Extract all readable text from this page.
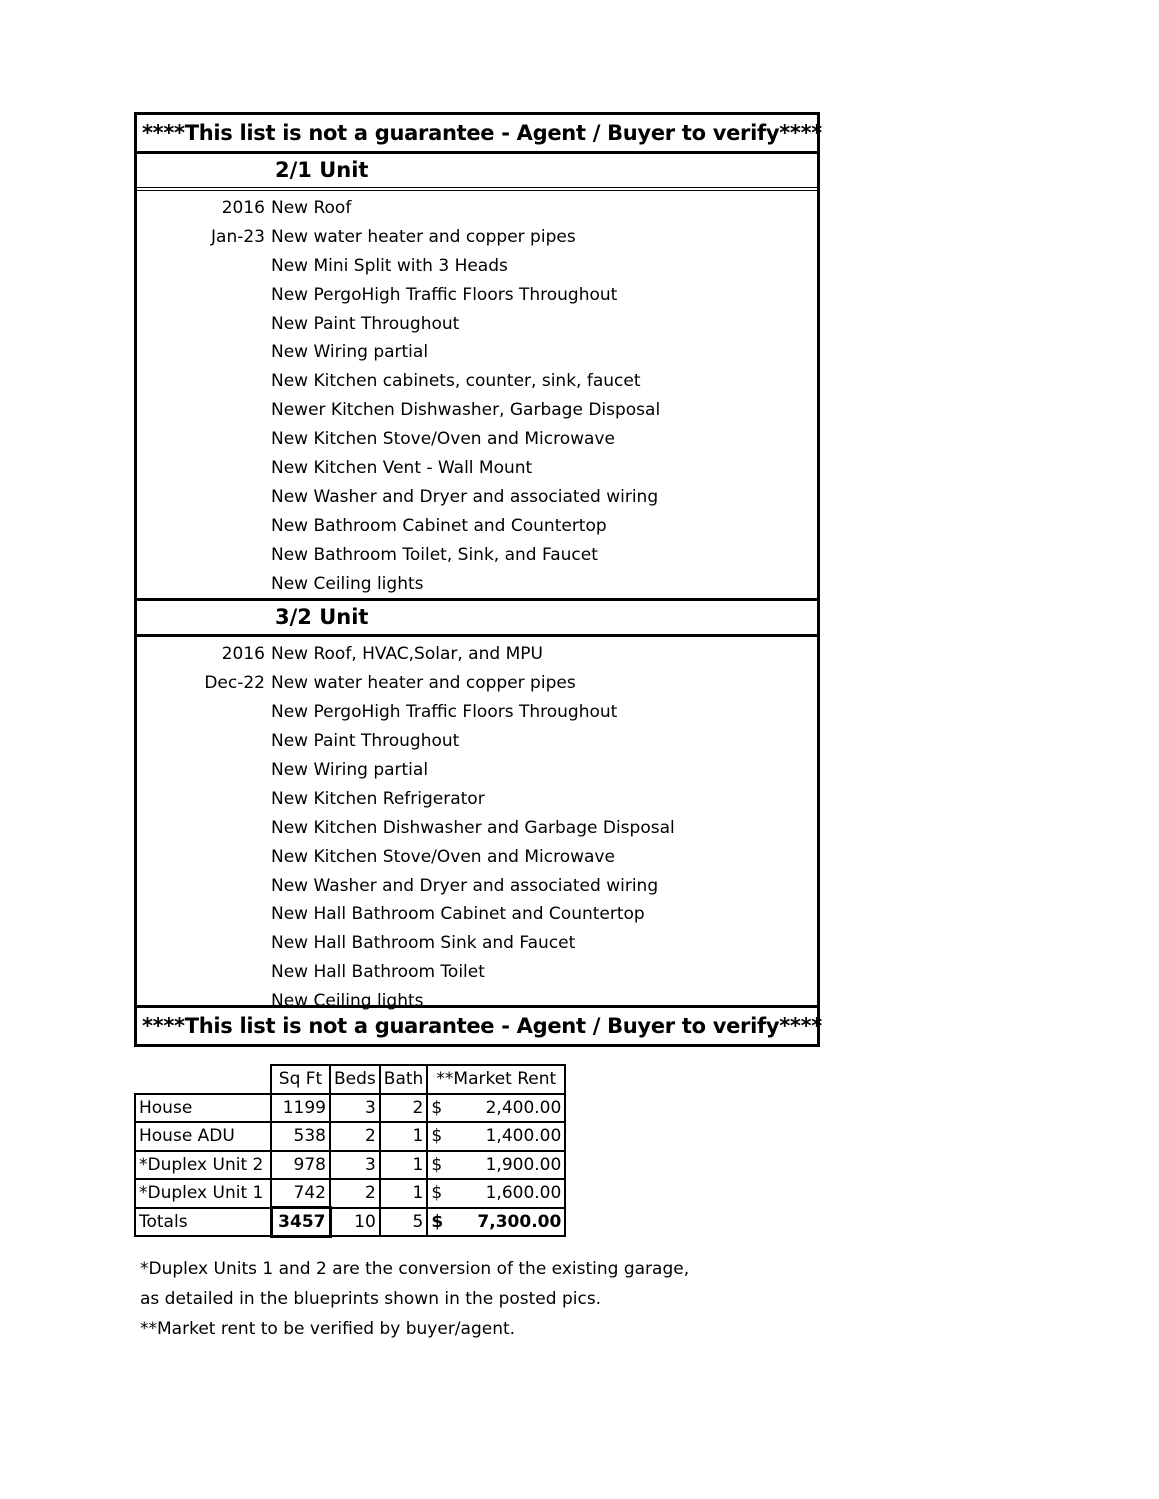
****This list is not a guarantee - Agent / Buyer to verify****
2/1 Unit
2016 New Roof
Jan-23 New water heater and copper pipes
New Mini Split with 3 Heads
New PergoHigh Traffic Floors Throughout
New Paint Throughout
New Wiring partial
New Kitchen cabinets, counter, sink, faucet
Newer Kitchen Dishwasher, Garbage Disposal
New Kitchen Stove/Oven and Microwave
New Kitchen Vent - Wall Mount
New Washer and Dryer and associated wiring
New Bathroom Cabinet and Countertop
New Bathroom Toilet, Sink, and Faucet
New Ceiling lights
3/2 Unit
2016 New Roof, HVAC,Solar, and MPU
Dec-22 New water heater and copper pipes
New PergoHigh Traffic Floors Throughout
New Paint Throughout
New Wiring partial
New Kitchen Refrigerator
New Kitchen Dishwasher and Garbage Disposal
New Kitchen Stove/Oven and Microwave
New Washer and Dryer and associated wiring
New Hall Bathroom Cabinet and Countertop
New Hall Bathroom Sink and Faucet
New Hall Bathroom Toilet
New Ceiling lights
****This list is not a guarantee - Agent / Buyer to verify****
	Sq Ft	Beds	Bath	**Market Rent
House	1199	3	2	$ 2,400.00

House ADU	538	2	1	$ 1,400.00

*Duplex Unit 2	978	3	1	$ 1,900.00

*Duplex Unit 1	742	2	1	$ 1,600.00

Totals	3457	10	5	$ 7,300.00
*Duplex Units 1 and 2 are the conversion of the existing garage,
as detailed in the blueprints shown in the posted pics.
**Market rent to be verified by buyer/agent.
